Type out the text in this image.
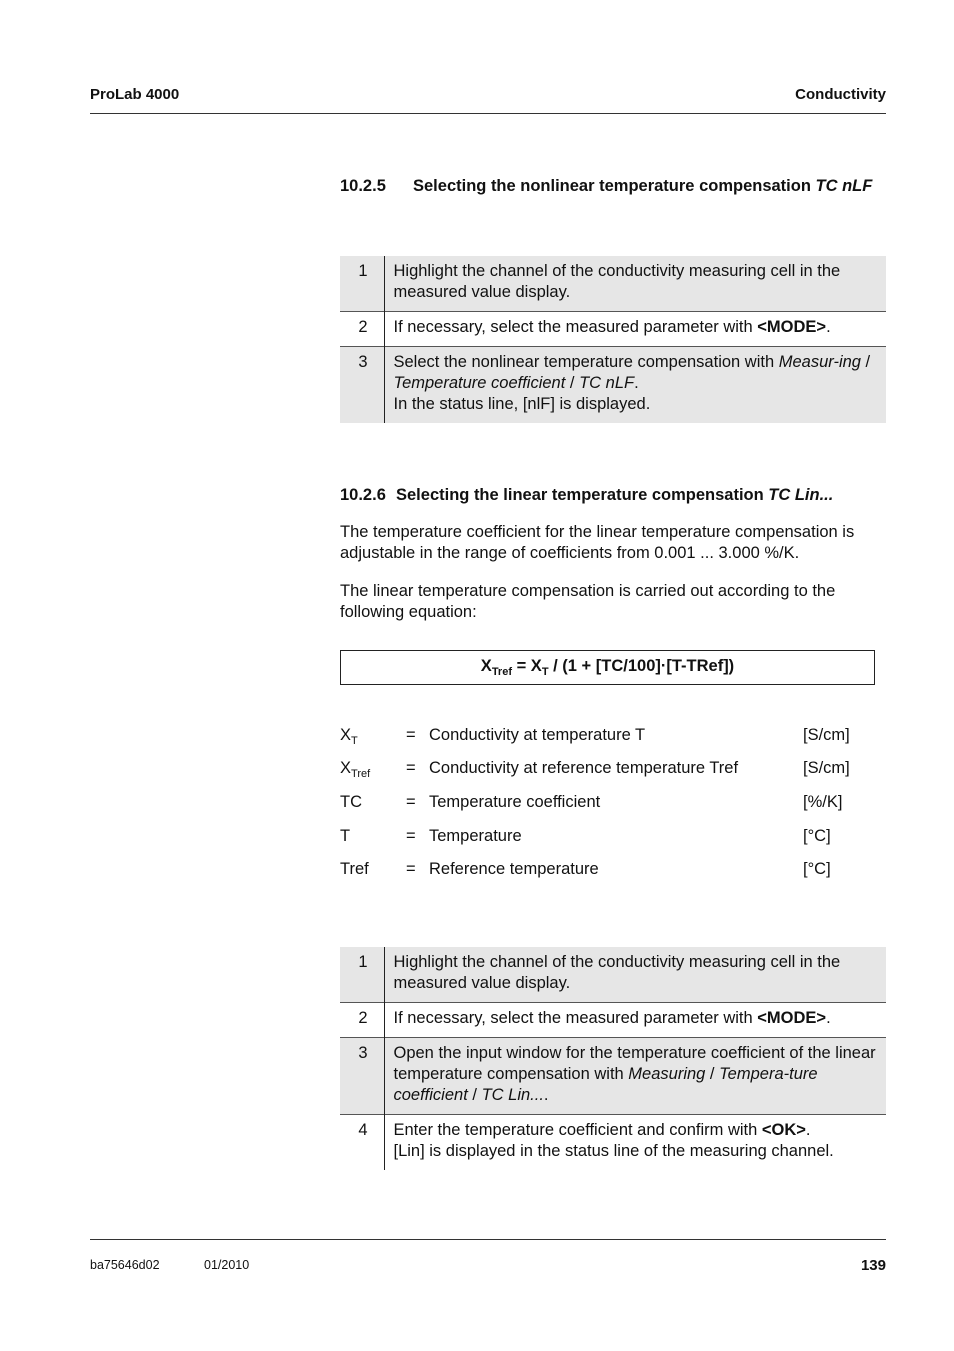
ProLab 4000	Conductivity
10.2.5 Selecting the nonlinear temperature compensation TC nLF
1	Highlight the channel of the conductivity measuring cell in the measured value display.
2	If necessary, select the measured parameter with <MODE>.
3	Select the nonlinear temperature compensation with Measur-ing / Temperature coefficient / TC nLF.
In the status line, [nlF] is displayed.
10.2.6 Selecting the linear temperature compensation TC Lin...
The temperature coefficient for the linear temperature compensation is adjustable in the range of coefficients from 0.001 ... 3.000 %/K.
The linear temperature compensation is carried out according to the following equation:
$X_{Tref} = X_T / (1$ + [TC/100]·[T-TRef])
$X_T$	= Conductivity at temperature T	[S/cm]
$X_{Tref}$ = Conductivity at reference temperature Tref	[S/cm]
TC	= Temperature coefficient	[%/K]
T	= Temperature	[°C]
Tref = Reference temperature	[°C]
1	Highlight the channel of the conductivity measuring cell in the measured value display.
2	If necessary, select the measured parameter with <MODE>.
3	Open the input window for the temperature coefficient of the linear temperature compensation with Measuring / Tempera-ture coefficient / TC Lin....
4	Enter the temperature coefficient and confirm with <OK>.
[Lin] is displayed in the status line of the measuring channel.
ba75646d02	01/2010	139
